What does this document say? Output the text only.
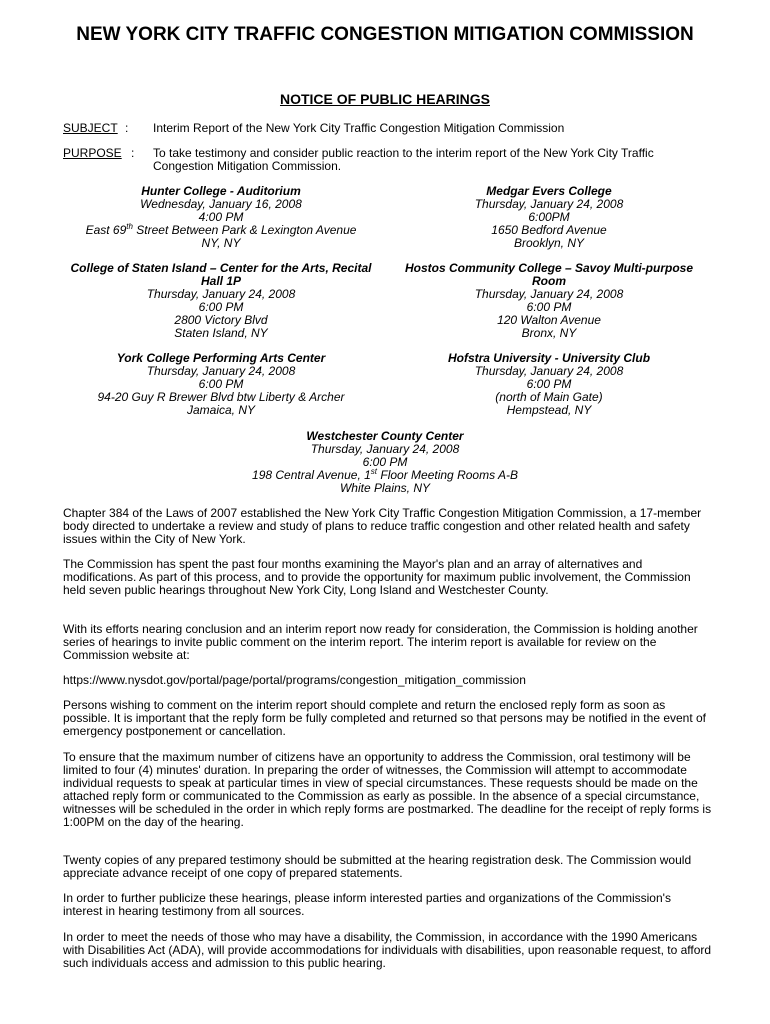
NEW YORK CITY TRAFFIC CONGESTION MITIGATION COMMISSION
NOTICE OF PUBLIC HEARINGS
SUBJECT : Interim Report of the New York City Traffic Congestion Mitigation Commission
PURPOSE : To take testimony and consider public reaction to the interim report of the New York City Traffic Congestion Mitigation Commission.
Hunter College - Auditorium
Wednesday, January 16, 2008
4:00 PM
East 69th Street Between Park & Lexington Avenue
NY, NY
Medgar Evers College
Thursday, January 24, 2008
6:00PM
1650 Bedford Avenue
Brooklyn, NY
College of Staten Island – Center for the Arts, Recital Hall 1P
Thursday, January 24, 2008
6:00 PM
2800 Victory Blvd
Staten Island, NY
Hostos Community College – Savoy Multi-purpose Room
Thursday, January 24, 2008
6:00 PM
120 Walton Avenue
Bronx, NY
York College Performing Arts Center
Thursday, January 24, 2008
6:00 PM
94-20 Guy R Brewer Blvd btw Liberty & Archer
Jamaica, NY
Hofstra University - University Club
Thursday, January 24, 2008
6:00 PM
(north of Main Gate)
Hempstead, NY
Westchester County Center
Thursday, January 24, 2008
6:00 PM
198 Central Avenue, 1st Floor Meeting Rooms A-B
White Plains, NY

Chapter 384 of the Laws of 2007 established the New York City Traffic Congestion Mitigation Commission, a 17-member body directed to undertake a review and study of plans to reduce traffic congestion and other related health and safety issues within the City of New York.

The Commission has spent the past four months examining the Mayor's plan and an array of alternatives and modifications. As part of this process, and to provide the opportunity for maximum public involvement, the Commission held seven public hearings throughout New York City, Long Island and Westchester County.

With its efforts nearing conclusion and an interim report now ready for consideration, the Commission is holding another series of hearings to invite public comment on the interim report. The interim report is available for review on the Commission website at:

https://www.nysdot.gov/portal/page/portal/programs/congestion_mitigation_commission

Persons wishing to comment on the interim report should complete and return the enclosed reply form as soon as possible. It is important that the reply form be fully completed and returned so that persons may be notified in the event of emergency postponement or cancellation.

To ensure that the maximum number of citizens have an opportunity to address the Commission, oral testimony will be limited to four (4) minutes' duration. In preparing the order of witnesses, the Commission will attempt to accommodate individual requests to speak at particular times in view of special circumstances. These requests should be made on the attached reply form or communicated to the Commission as early as possible. In the absence of a special circumstance, witnesses will be scheduled in the order in which reply forms are postmarked. The deadline for the receipt of reply forms is 1:00PM on the day of the hearing.

Twenty copies of any prepared testimony should be submitted at the hearing registration desk. The Commission would appreciate advance receipt of one copy of prepared statements.

In order to further publicize these hearings, please inform interested parties and organizations of the Commission's interest in hearing testimony from all sources.

In order to meet the needs of those who may have a disability, the Commission, in accordance with the 1990 Americans with Disabilities Act (ADA), will provide accommodations for individuals with disabilities, upon reasonable request, to afford such individuals access and admission to this public hearing.
